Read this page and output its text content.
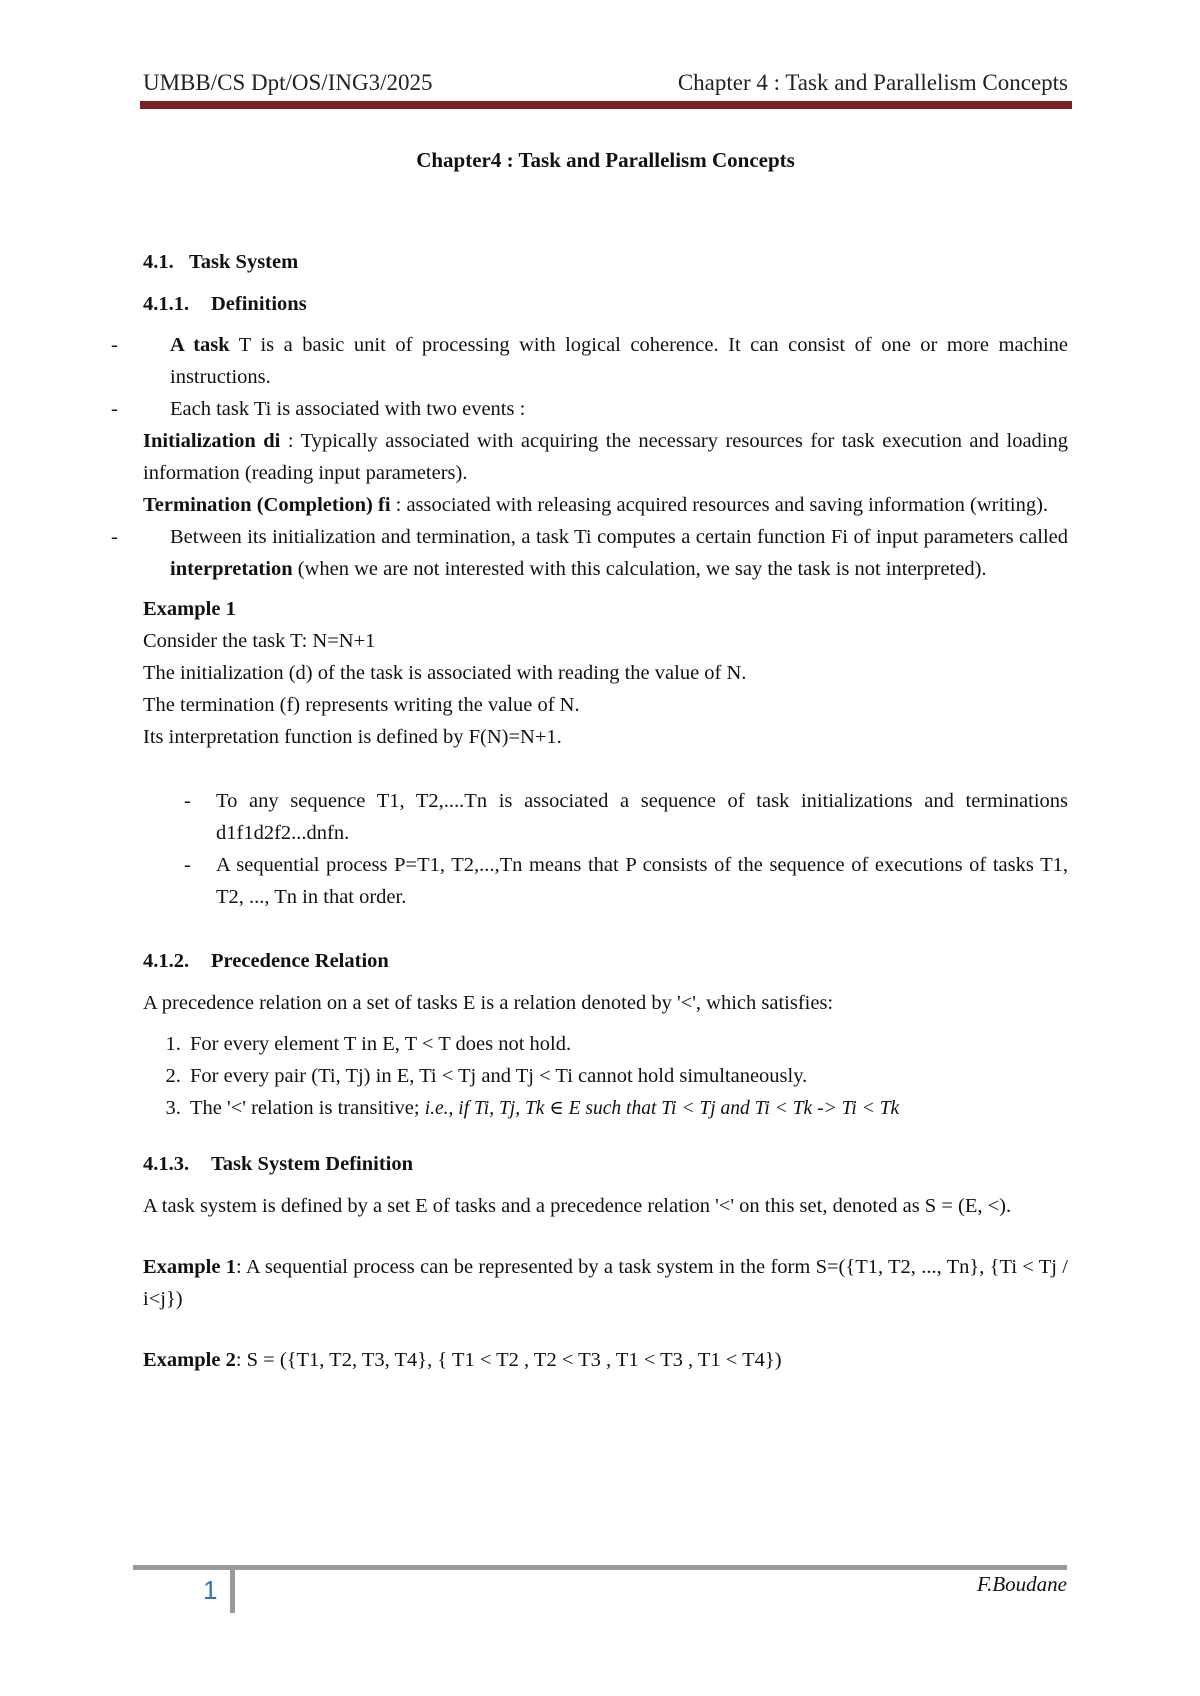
UMBB/CS Dpt/OS/ING3/2025	Chapter 4 : Task and Parallelism Concepts

Chapter4 : Task and Parallelism Concepts

4.1. Task System

4.1.1. Definitions

- A task T is a basic unit of processing with logical coherence. It can consist of one or more machine instructions.
- Each task Ti is associated with two events :

Initialization di : Typically associated with acquiring the necessary resources for task execution and loading information (reading input parameters).

Termination (Completion) fi : associated with releasing acquired resources and saving information (writing).

- Between its initialization and termination, a task Ti computes a certain function Fi of input parameters called interpretation (when we are not interested with this calculation, we say the task is not interpreted).

Example 1

Consider the task T: N=N+1

The initialization (d) of the task is associated with reading the value of N.

The termination (f) represents writing the value of N.

Its interpretation function is defined by F(N)=N+1.

- To any sequence T1, T2,....Tn is associated a sequence of task initializations and terminations d1f1d2f2...dnfn.
- A sequential process P=T1, T2,...,Tn means that P consists of the sequence of executions of tasks T1, T2, ..., Tn in that order.

4.1.2. Precedence Relation

A precedence relation on a set of tasks E is a relation denoted by '<', which satisfies:

1. For every element T in E, T < T does not hold.
2. For every pair (Ti, Tj) in E, Ti < Tj and Tj < Ti cannot hold simultaneously.
3. The '<' relation is transitive; i.e., if Ti, Tj, Tk ∈ E such that Ti < Tj and Ti < Tk -> Ti < Tk

4.1.3. Task System Definition

A task system is defined by a set E of tasks and a precedence relation '<' on this set, denoted as S = (E, <).

Example 1: A sequential process can be represented by a task system in the form S=({T1, T2, ..., Tn}, {Ti < Tj / i<j})

Example 2: S = ({T1, T2, T3, T4}, { T1 < T2 , T2 < T3 , T1 < T3 , T1 < T4})

1	F.Boudane
